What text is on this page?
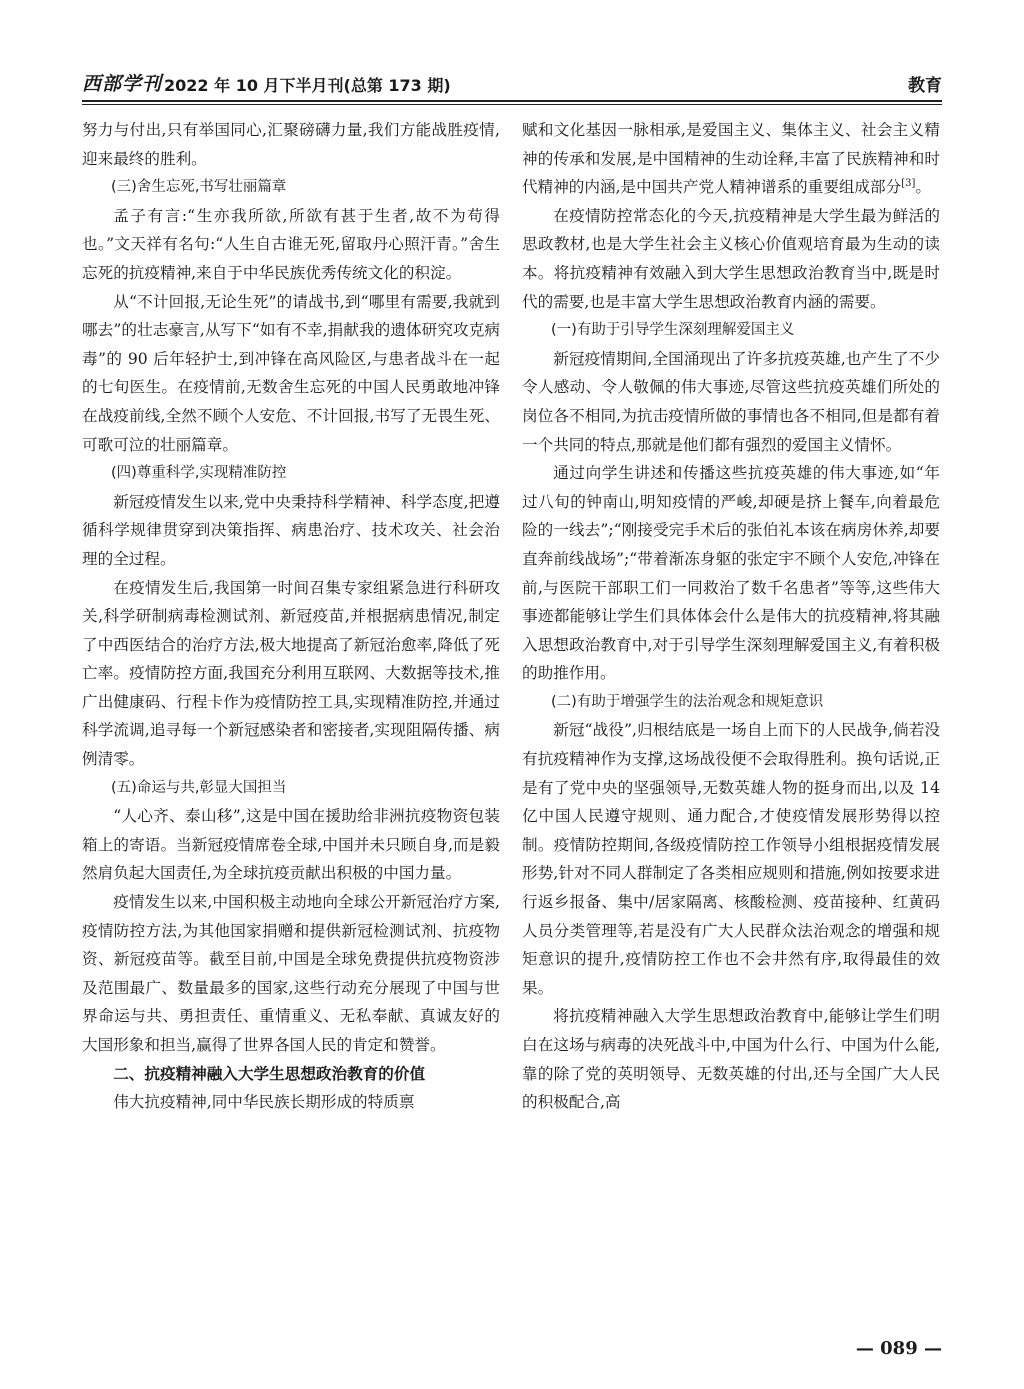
西部学刊 2022 年 10 月下半月刊(总第 173 期)	教育

努力与付出,只有举国同心,汇聚磅礴力量,我们方能战胜疫情,迎来最终的胜利。

(三)舍生忘死,书写壮丽篇章

孟子有言:“生亦我所欲,所欲有甚于生者,故不为苟得也。”文天祥有名句:“人生自古谁无死,留取丹心照汗青。”舍生忘死的抗疫精神,来自于中华民族优秀传统文化的积淀。

从“不计回报,无论生死”的请战书,到“哪里有需要,我就到哪去”的壮志豪言,从写下“如有不幸,捐献我的遗体研究攻克病毒”的 90 后年轻护士,到冲锋在高风险区,与患者战斗在一起的七旬医生。在疫情前,无数舍生忘死的中国人民勇敢地冲锋在战疫前线,全然不顾个人安危、不计回报,书写了无畏生死、可歌可泣的壮丽篇章。

(四)尊重科学,实现精准防控

新冠疫情发生以来,党中央秉持科学精神、科学态度,把遵循科学规律贯穿到决策指挥、病患治疗、技术攻关、社会治理的全过程。

在疫情发生后,我国第一时间召集专家组紧急进行科研攻关,科学研制病毒检测试剂、新冠疫苗,并根据病患情况,制定了中西医结合的治疗方法,极大地提高了新冠治愈率,降低了死亡率。疫情防控方面,我国充分利用互联网、大数据等技术,推广出健康码、行程卡作为疫情防控工具,实现精准防控,并通过科学流调,追寻每一个新冠感染者和密接者,实现阻隔传播、病例清零。

(五)命运与共,彰显大国担当

“人心齐、泰山移”,这是中国在援助给非洲抗疫物资包装箱上的寄语。当新冠疫情席卷全球,中国并未只顾自身,而是毅然肩负起大国责任,为全球抗疫贡献出积极的中国力量。

疫情发生以来,中国积极主动地向全球公开新冠治疗方案,疫情防控方法,为其他国家捐赠和提供新冠检测试剂、抗疫物资、新冠疫苗等。截至目前,中国是全球免费提供抗疫物资涉及范围最广、数量最多的国家,这些行动充分展现了中国与世界命运与共、勇担责任、重情重义、无私奉献、真诚友好的大国形象和担当,赢得了世界各国人民的肯定和赞誉。

二、抗疫精神融入大学生思想政治教育的价值

伟大抗疫精神,同中华民族长期形成的特质禀

赋和文化基因一脉相承,是爱国主义、集体主义、社会主义精神的传承和发展,是中国精神的生动诠释,丰富了民族精神和时代精神的内涵,是中国共产党人精神谱系的重要组成部分[3]。

在疫情防控常态化的今天,抗疫精神是大学生最为鲜活的思政教材,也是大学生社会主义核心价值观培育最为生动的读本。将抗疫精神有效融入到大学生思想政治教育当中,既是时代的需要,也是丰富大学生思想政治教育内涵的需要。

(一)有助于引导学生深刻理解爱国主义

新冠疫情期间,全国涌现出了许多抗疫英雄,也产生了不少令人感动、令人敬佩的伟大事迹,尽管这些抗疫英雄们所处的岗位各不相同,为抗击疫情所做的事情也各不相同,但是都有着一个共同的特点,那就是他们都有强烈的爱国主义情怀。

通过向学生讲述和传播这些抗疫英雄的伟大事迹,如“年过八旬的钟南山,明知疫情的严峻,却硬是挤上餐车,向着最危险的一线去”;“刚接受完手术后的张伯礼本该在病房休养,却要直奔前线战场”;“带着渐冻身躯的张定宇不顾个人安危,冲锋在前,与医院干部职工们一同救治了数千名患者”等等,这些伟大事迹都能够让学生们具体体会什么是伟大的抗疫精神,将其融入思想政治教育中,对于引导学生深刻理解爱国主义,有着积极的助推作用。

(二)有助于增强学生的法治观念和规矩意识

新冠“战役”,归根结底是一场自上而下的人民战争,倘若没有抗疫精神作为支撑,这场战役便不会取得胜利。换句话说,正是有了党中央的坚强领导,无数英雄人物的挺身而出,以及 14 亿中国人民遵守规则、通力配合,才使疫情发展形势得以控制。疫情防控期间,各级疫情防控工作领导小组根据疫情发展形势,针对不同人群制定了各类相应规则和措施,例如按要求进行返乡报备、集中/居家隔离、核酸检测、疫苗接种、红黄码人员分类管理等,若是没有广大人民群众法治观念的增强和规矩意识的提升,疫情防控工作也不会井然有序,取得最佳的效果。

将抗疫精神融入大学生思想政治教育中,能够让学生们明白在这场与病毒的决死战斗中,中国为什么行、中国为什么能,靠的除了党的英明领导、无数英雄的付出,还与全国广大人民的积极配合,高

— 089 —
